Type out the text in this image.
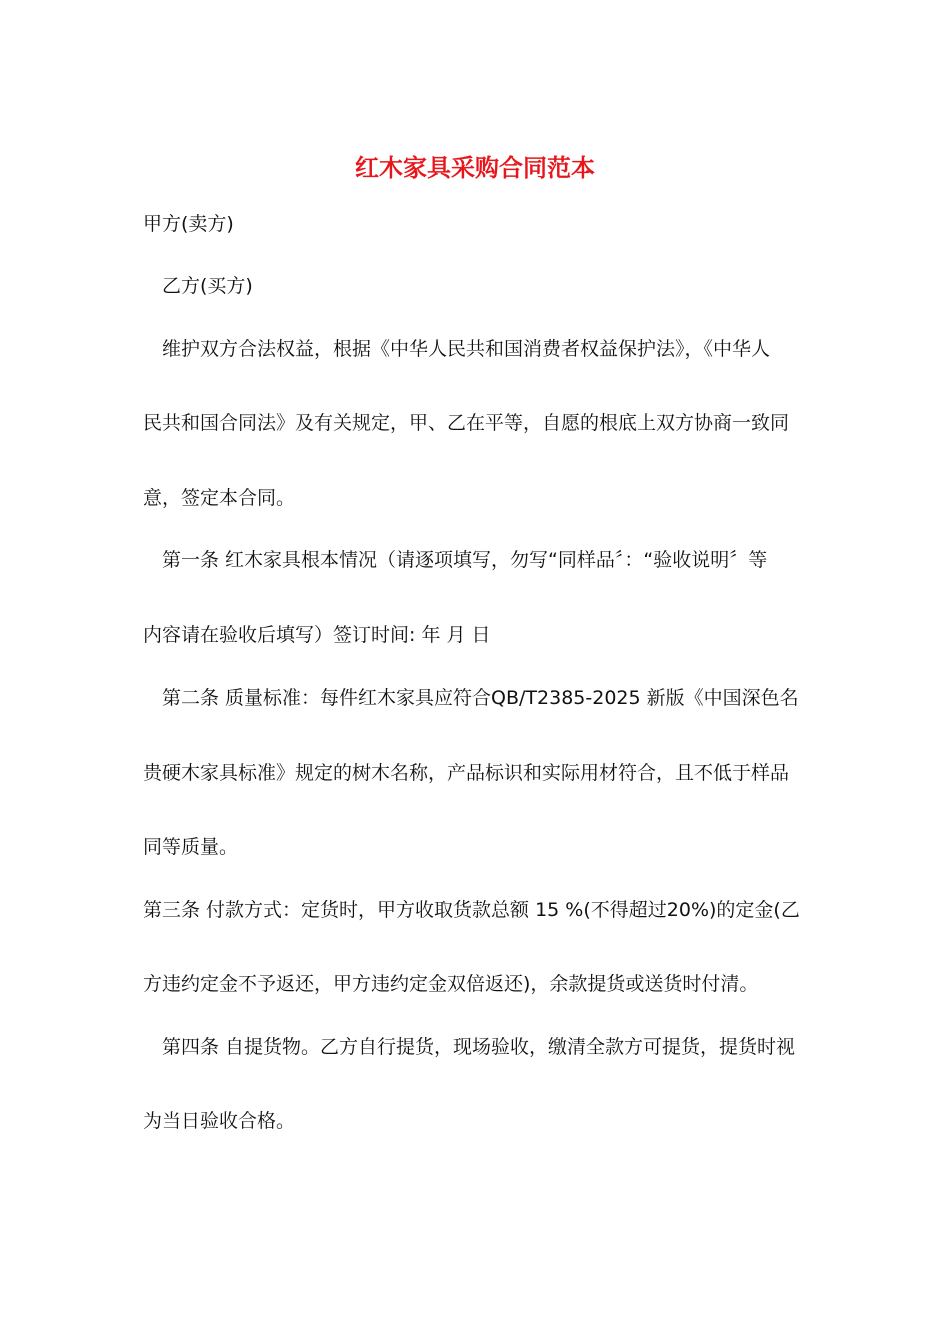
红木家具采购合同范本
甲方(卖方)
乙方(买方)
维护双方合法权益，根据《中华人民共和国消费者权益保护法》，《中华人
民共和国合同法》及有关规定，甲、乙在平等，自愿的根底上双方协商一致同
意，签定本合同。
第一条 红木家具根本情况（请逐项填写，勿写“同样品〞：“验收说明〞等
内容请在验收后填写）签订时间: 年 月 日
第二条 质量标准：每件红木家具应符合QB/T2385-2025 新版《中国深色名
贵硬木家具标准》规定的树木名称，产品标识和实际用材符合，且不低于样品
同等质量。
第三条 付款方式：定货时，甲方收取货款总额 15 %(不得超过20%)的定金(乙
方违约定金不予返还，甲方违约定金双倍返还)，余款提货或送货时付清。
第四条 自提货物。乙方自行提货，现场验收，缴清全款方可提货，提货时视
为当日验收合格。
